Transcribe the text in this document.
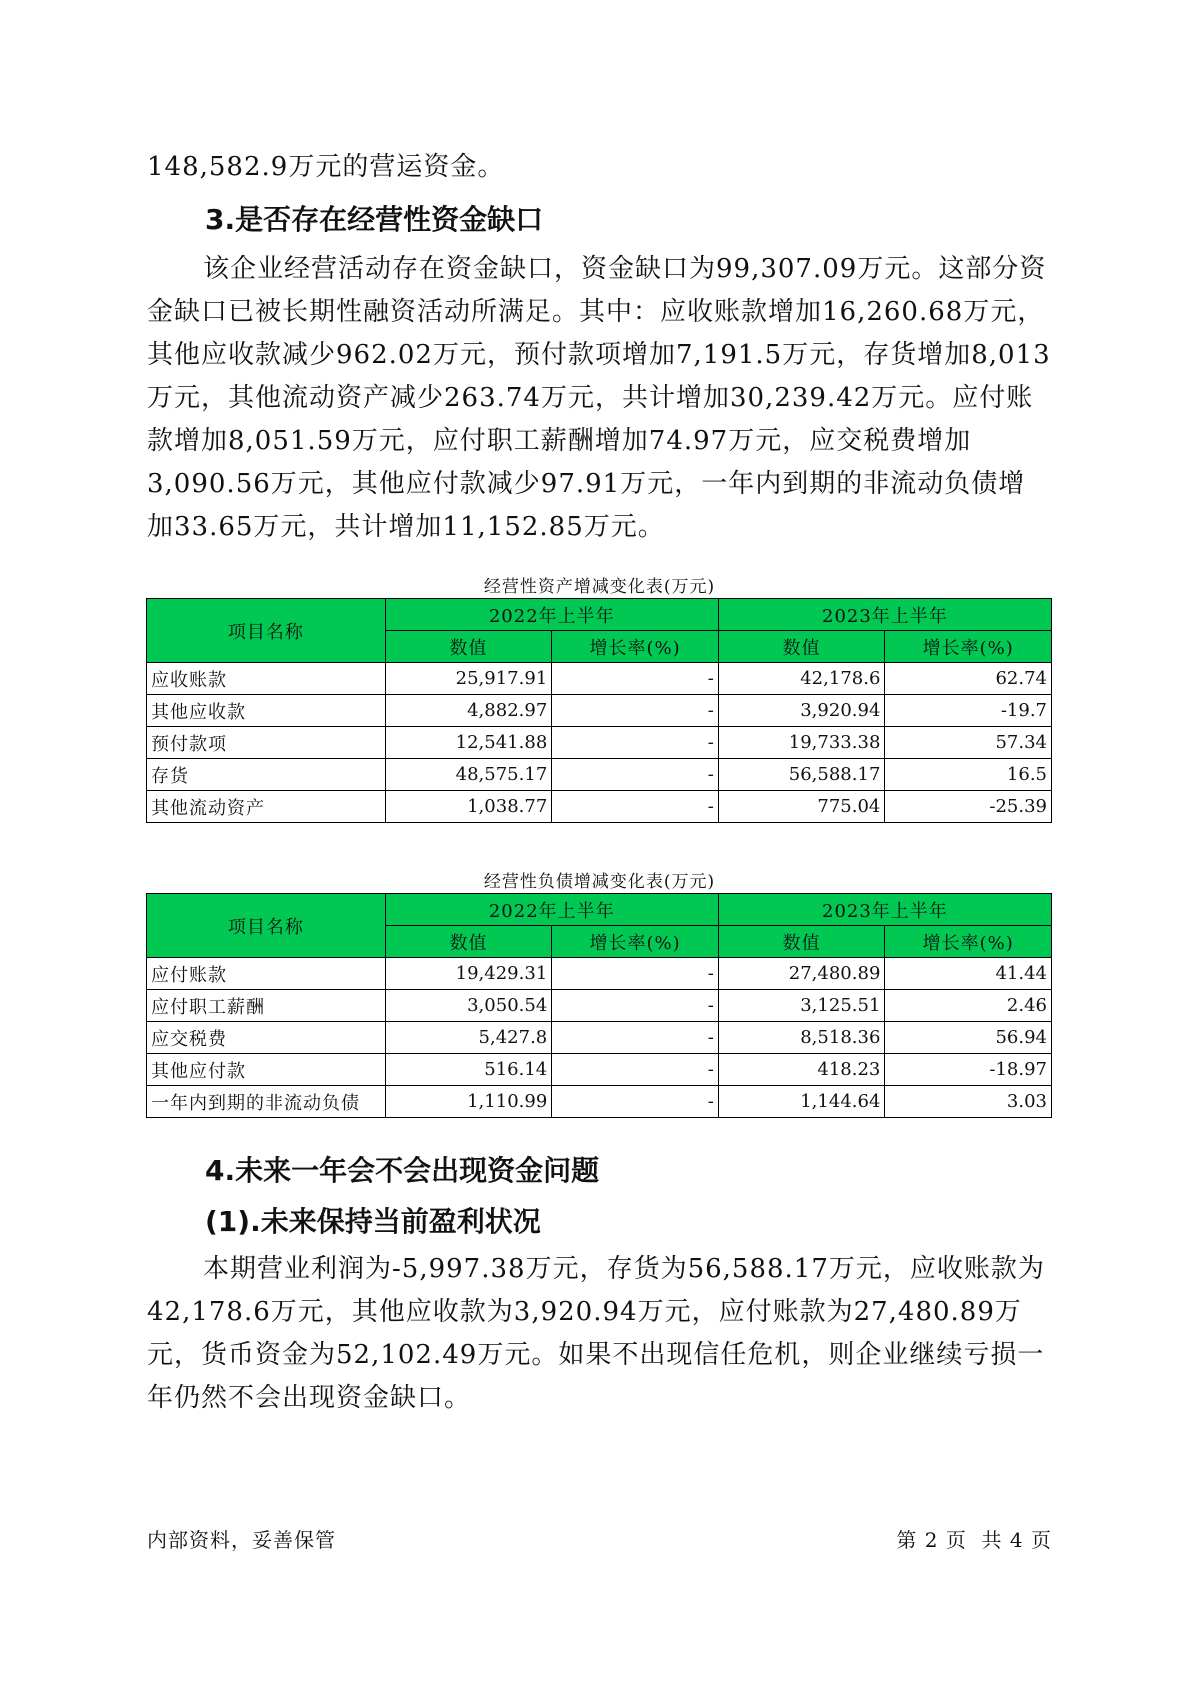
148,582.9万元的营运资金。

3.是否存在经营性资金缺口

该企业经营活动存在资金缺口，资金缺口为99,307.09万元。这部分资金缺口已被长期性融资活动所满足。其中：应收账款增加16,260.68万元，其他应收款减少962.02万元，预付款项增加7,191.5万元，存货增加8,013万元，其他流动资产减少263.74万元，共计增加30,239.42万元。应付账款增加8,051.59万元，应付职工薪酬增加74.97万元，应交税费增加3,090.56万元，其他应付款减少97.91万元，一年内到期的非流动负债增加33.65万元，共计增加11,152.85万元。

经营性资产增减变化表(万元)
项目名称	2022年上半年		2023年上半年	
	数值	增长率(%)	数值	增长率(%)
应收账款	25,917.91	-	42,178.6	62.74
其他应收款	4,882.97	-	3,920.94	-19.7
预付款项	12,541.88	-	19,733.38	57.34
存货	48,575.17	-	56,588.17	16.5
其他流动资产	1,038.77	-	775.04	-25.39
经营性负债增减变化表(万元)
项目名称	2022年上半年		2023年上半年	
	数值	增长率(%)	数值	增长率(%)
应付账款	19,429.31	-	27,480.89	41.44
应付职工薪酬	3,050.54	-	3,125.51	2.46
应交税费	5,427.8	-	8,518.36	56.94
其他应付款	516.14	-	418.23	-18.97
一年内到期的非流动负债	1,110.99	-	1,144.64	3.03
4.未来一年会不会出现资金问题
(1).未来保持当前盈利状况

本期营业利润为-5,997.38万元，存货为56,588.17万元，应收账款为42,178.6万元，其他应收款为3,920.94万元，应付账款为27,480.89万元，货币资金为52,102.49万元。如果不出现信任危机，则企业继续亏损一年仍然不会出现资金缺口。

内部资料，妥善保管	第 2 页  共 4 页
